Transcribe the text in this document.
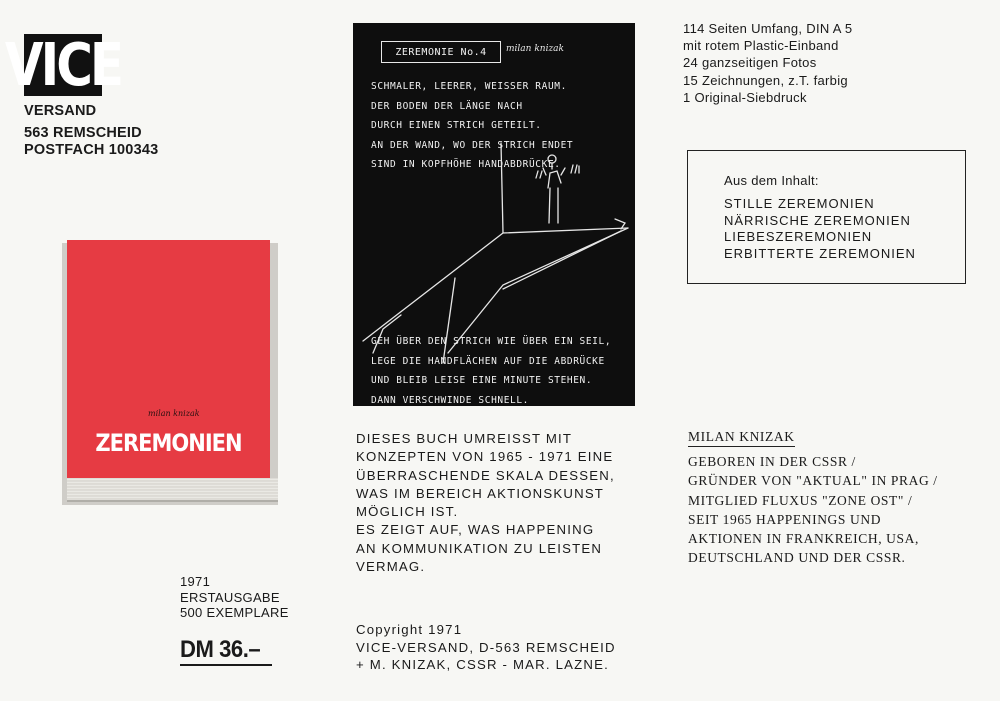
VICE
VERSAND
563 REMSCHEID
POSTFACH 100343
milan knizak
ZEREMONIEN
1971
ERSTAUSGABE
500 EXEMPLARE
DM 36.–
ZEREMONIE No.4 milan knizak
SCHMALER, LEERER, WEISSER RAUM.
DER BODEN DER LÄNGE NACH
DURCH EINEN STRICH GETEILT.
AN DER WAND, WO DER STRICH ENDET
SIND IN KOPFHÖHE HANDABDRÜCKE.
GEH ÜBER DEN STRICH WIE ÜBER EIN SEIL,
LEGE DIE HANDFLÄCHEN AUF DIE ABDRÜCKE
UND BLEIB LEISE EINE MINUTE STEHEN.
DANN VERSCHWINDE SCHNELL.
DIESES BUCH UMREISST MIT
KONZEPTEN VON 1965 - 1971 EINE
ÜBERRASCHENDE SKALA DESSEN,
WAS IM BEREICH AKTIONSKUNST
MÖGLICH IST.
ES ZEIGT AUF, WAS HAPPENING
AN KOMMUNIKATION ZU LEISTEN
VERMAG.
Copyright 1971
VICE-VERSAND, D-563 REMSCHEID
+ M. KNIZAK, CSSR - MAR. LAZNE.
114 Seiten Umfang, DIN A 5
mit rotem Plastic-Einband
24 ganzseitigen Fotos
15 Zeichnungen, z.T. farbig
1 Original-Siebdruck
Aus dem Inhalt:
STILLE ZEREMONIEN
NÄRRISCHE ZEREMONIEN
LIEBESZEREMONIEN
ERBITTERTE ZEREMONIEN
MILAN KNIZAK
GEBOREN IN DER CSSR /
GRÜNDER VON "AKTUAL" IN PRAG /
MITGLIED FLUXUS "ZONE OST" /
SEIT 1965 HAPPENINGS UND
AKTIONEN IN FRANKREICH, USA,
DEUTSCHLAND UND DER CSSR.
